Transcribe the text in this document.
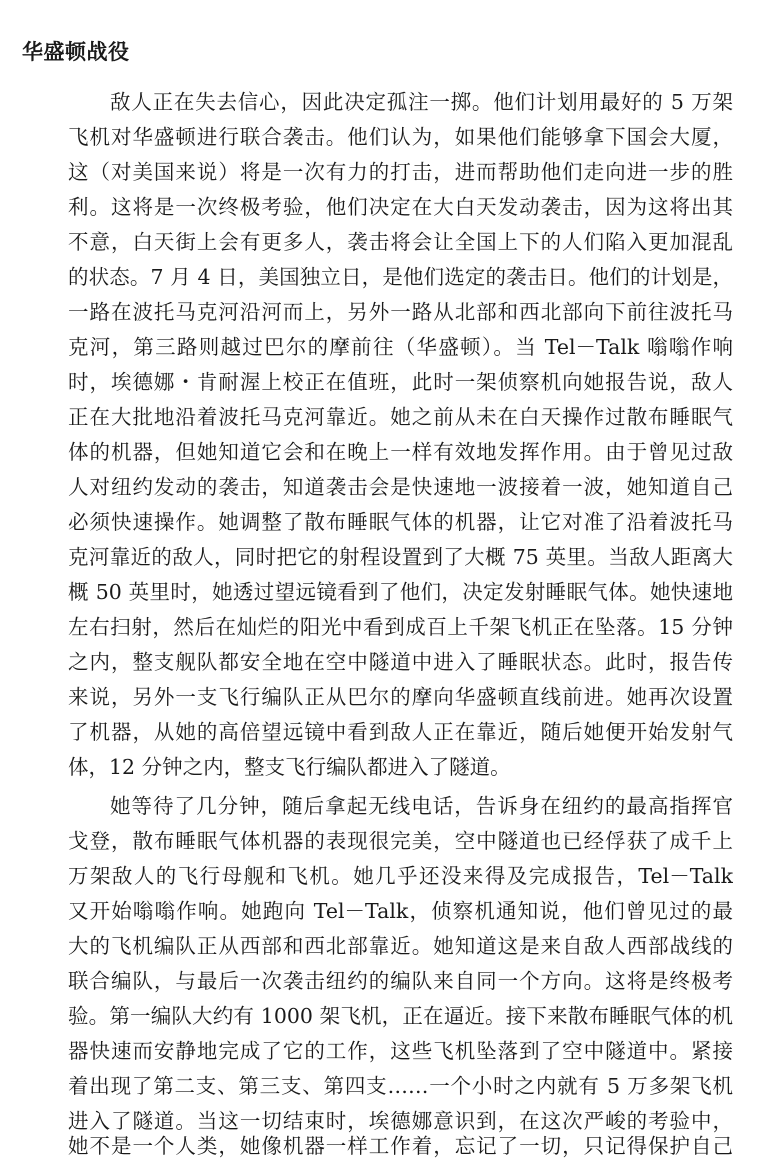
华盛顿战役

敌人正在失去信心，因此决定孤注一掷。他们计划用最好的 5 万架

飞机对华盛顿进行联合袭击。他们认为，如果他们能够拿下国会大厦，

这（对美国来说）将是一次有力的打击，进而帮助他们走向进一步的胜

利。这将是一次终极考验，他们决定在大白天发动袭击，因为这将出其

不意，白天街上会有更多人，袭击将会让全国上下的人们陷入更加混乱

的状态。7 月 4 日，美国独立日，是他们选定的袭击日。他们的计划是，

一路在波托马克河沿河而上，另外一路从北部和西北部向下前往波托马

克河，第三路则越过巴尔的摩前往（华盛顿）。当 Tel－Talk 嗡嗡作响

时，埃德娜・肯耐渥上校正在值班，此时一架侦察机向她报告说，敌人

正在大批地沿着波托马克河靠近。她之前从未在白天操作过散布睡眠气

体的机器，但她知道它会和在晚上一样有效地发挥作用。由于曾见过敌

人对纽约发动的袭击，知道袭击会是快速地一波接着一波，她知道自己

必须快速操作。她调整了散布睡眠气体的机器，让它对准了沿着波托马

克河靠近的敌人，同时把它的射程设置到了大概 75 英里。当敌人距离大

概 50 英里时，她透过望远镜看到了他们，决定发射睡眠气体。她快速地

左右扫射，然后在灿烂的阳光中看到成百上千架飞机正在坠落。15 分钟

之内，整支舰队都安全地在空中隧道中进入了睡眠状态。此时，报告传

来说，另外一支飞行编队正从巴尔的摩向华盛顿直线前进。她再次设置

了机器，从她的高倍望远镜中看到敌人正在靠近，随后她便开始发射气

体，12 分钟之内，整支飞行编队都进入了隧道。

她等待了几分钟，随后拿起无线电话，告诉身在纽约的最高指挥官

戈登，散布睡眠气体机器的表现很完美，空中隧道也已经俘获了成千上

万架敌人的飞行母舰和飞机。她几乎还没来得及完成报告，Tel－Talk

又开始嗡嗡作响。她跑向 Tel－Talk，侦察机通知说，他们曾见过的最

大的飞机编队正从西部和西北部靠近。她知道这是来自敌人西部战线的

联合编队，与最后一次袭击纽约的编队来自同一个方向。这将是终极考

验。第一编队大约有 1000 架飞机，正在逼近。接下来散布睡眠气体的机

器快速而安静地完成了它的工作，这些飞机坠落到了空中隧道中。紧接

着出现了第二支、第三支、第四支……一个小时之内就有 5 万多架飞机

进入了隧道。当这一切结束时，埃德娜意识到，在这次严峻的考验中，

她不是一个人类，她像机器一样工作着，忘记了一切，只记得保护自己
